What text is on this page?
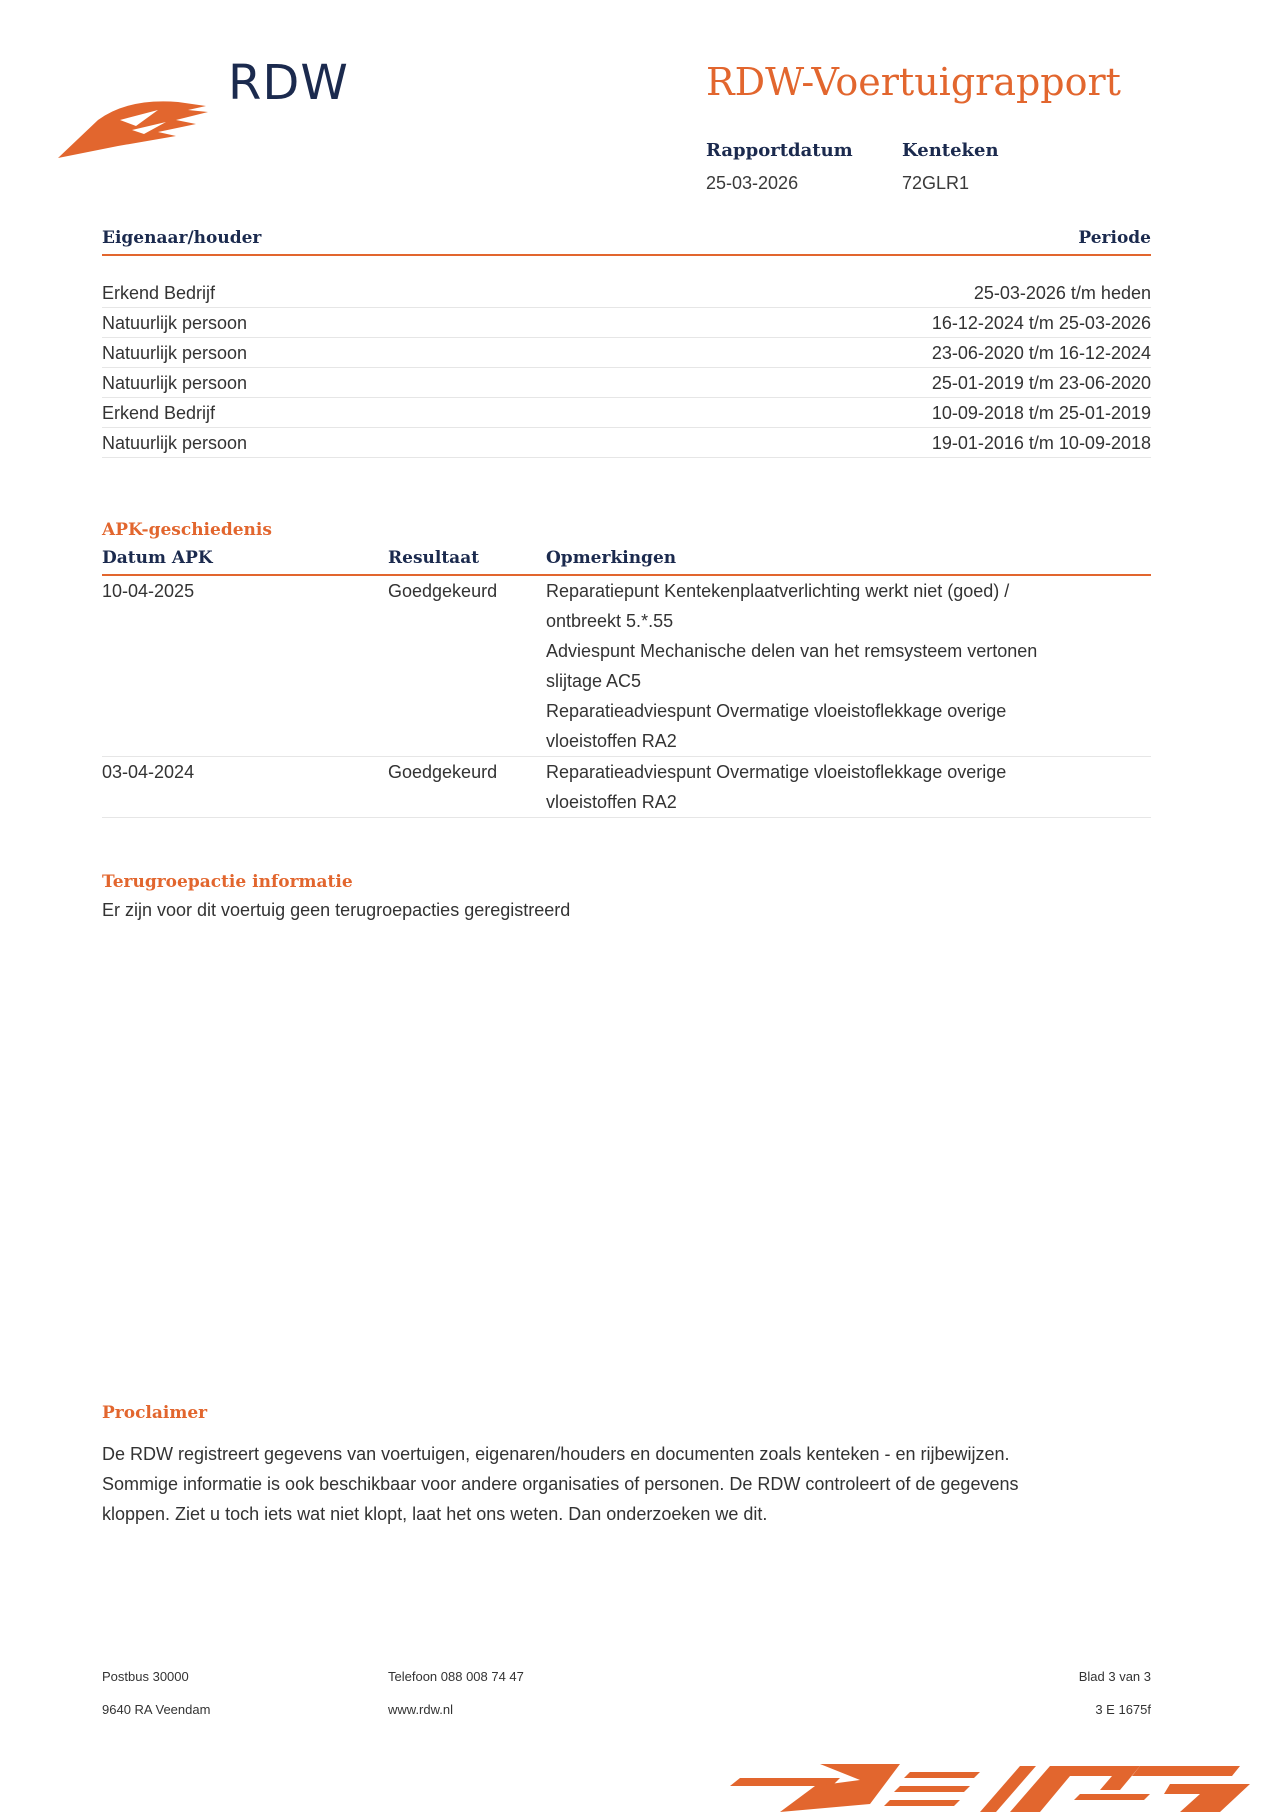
RDW	RDW-Voertuigrapport
Rapportdatum
25-03-2026
Kenteken
72GLR1
Eigenaar/houder	Periode
Erkend Bedrijf	25-03-2026 t/m heden
Natuurlijk persoon	16-12-2024 t/m 25-03-2026
Natuurlijk persoon	23-06-2020 t/m 16-12-2024
Natuurlijk persoon	25-01-2019 t/m 23-06-2020
Erkend Bedrijf	10-09-2018 t/m 25-01-2019
Natuurlijk persoon	19-01-2016 t/m 10-09-2018
APK-geschiedenis
Datum APK	Resultaat	Opmerkingen
10-04-2025	Goedgekeurd	Reparatiepunt Kentekenplaatverlichting werkt niet (goed) /
ontbreekt 5.*.55
Adviespunt Mechanische delen van het remsysteem vertonen
slijtage AC5
Reparatieadviespunt Overmatige vloeistoflekkage overige
vloeistoffen RA2
03-04-2024	Goedgekeurd	Reparatieadviespunt Overmatige vloeistoflekkage overige
vloeistoffen RA2
Terugroepactie informatie
Er zijn voor dit voertuig geen terugroepacties geregistreerd
Proclaimer
De RDW registreert gegevens van voertuigen, eigenaren/houders en documenten zoals kenteken - en rijbewijzen.
Sommige informatie is ook beschikbaar voor andere organisaties of personen. De RDW controleert of de gegevens
kloppen. Ziet u toch iets wat niet klopt, laat het ons weten. Dan onderzoeken we dit.
Postbus 30000
9640 RA Veendam
Telefoon 088 008 74 47
www.rdw.nl
Blad 3 van 3
3 E 1675f
